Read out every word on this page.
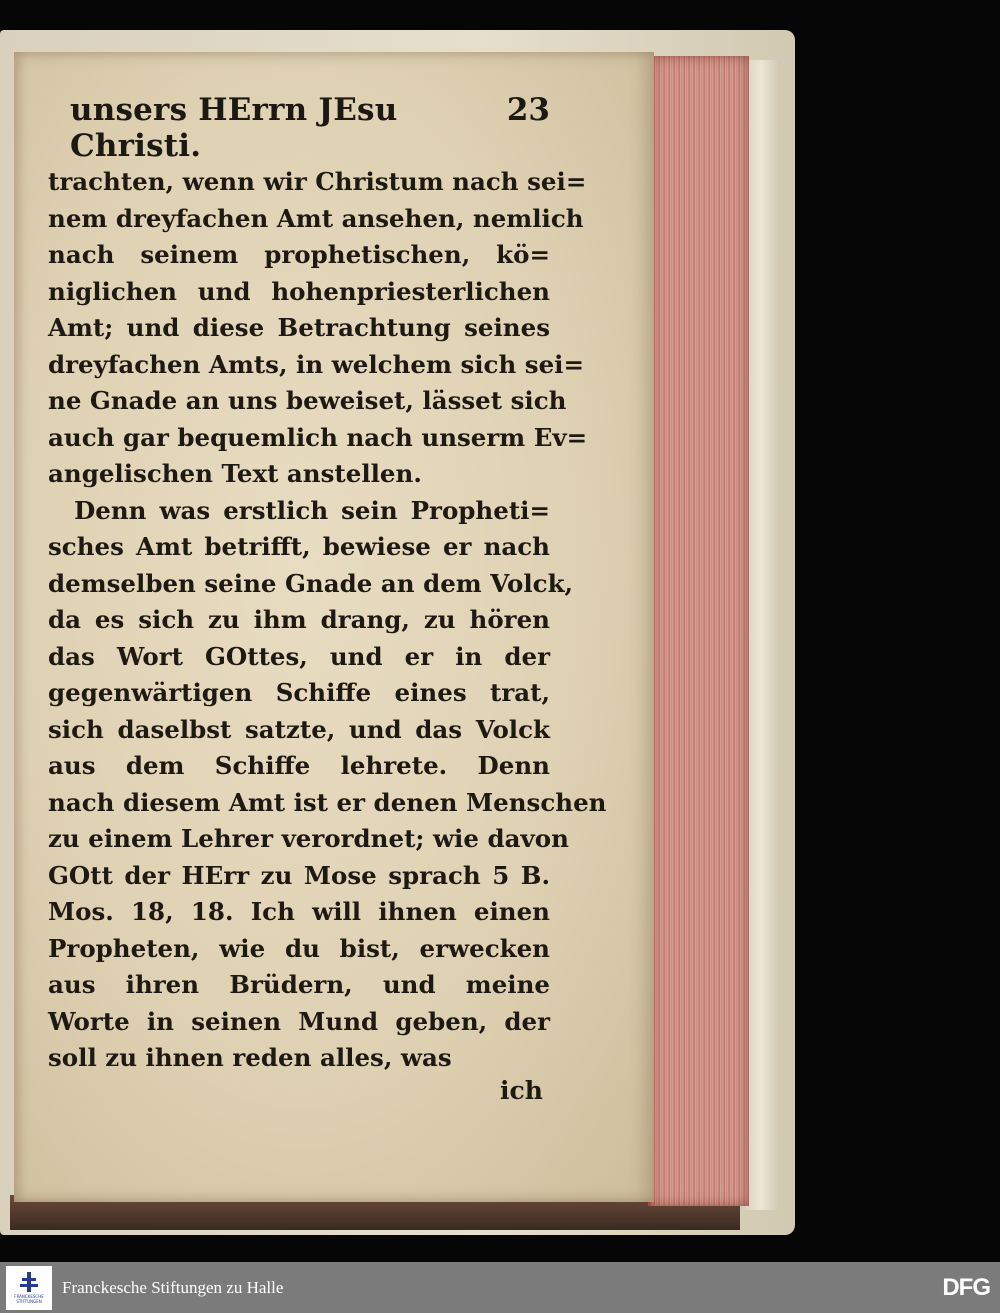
unsers HErrn JEsu Christi.
23
trachten, wenn wir Christum nach sei=
nem dreyfachen Amt ansehen, nemlich
nach seinem prophetischen, kö=
niglichen und hohenpriesterlichen
Amt; und diese Betrachtung seines
dreyfachen Amts, in welchem sich sei=
ne Gnade an uns beweiset, lässet sich
auch gar bequemlich nach unserm Ev=
angelischen Text anstellen.
Denn was erstlich sein Propheti=
sches Amt betrifft, bewiese er nach
demselben seine Gnade an dem Volck,
da es sich zu ihm drang, zu hören
das Wort GOttes, und er in der
gegenwärtigen Schiffe eines trat,
sich daselbst satzte, und das Volck
aus dem Schiffe lehrete. Denn
nach diesem Amt ist er denen Menschen
zu einem Lehrer verordnet; wie davon
GOtt der HErr zu Mose sprach 5 B.
Mos. 18, 18. Ich will ihnen einen
Propheten, wie du bist, erwecken
aus ihren Brüdern, und meine
Worte in seinen Mund geben, der
soll zu ihnen reden alles, was
ich
FRANCKESCHE STIFTUNGEN
Franckesche Stiftungen zu Halle	DFG
